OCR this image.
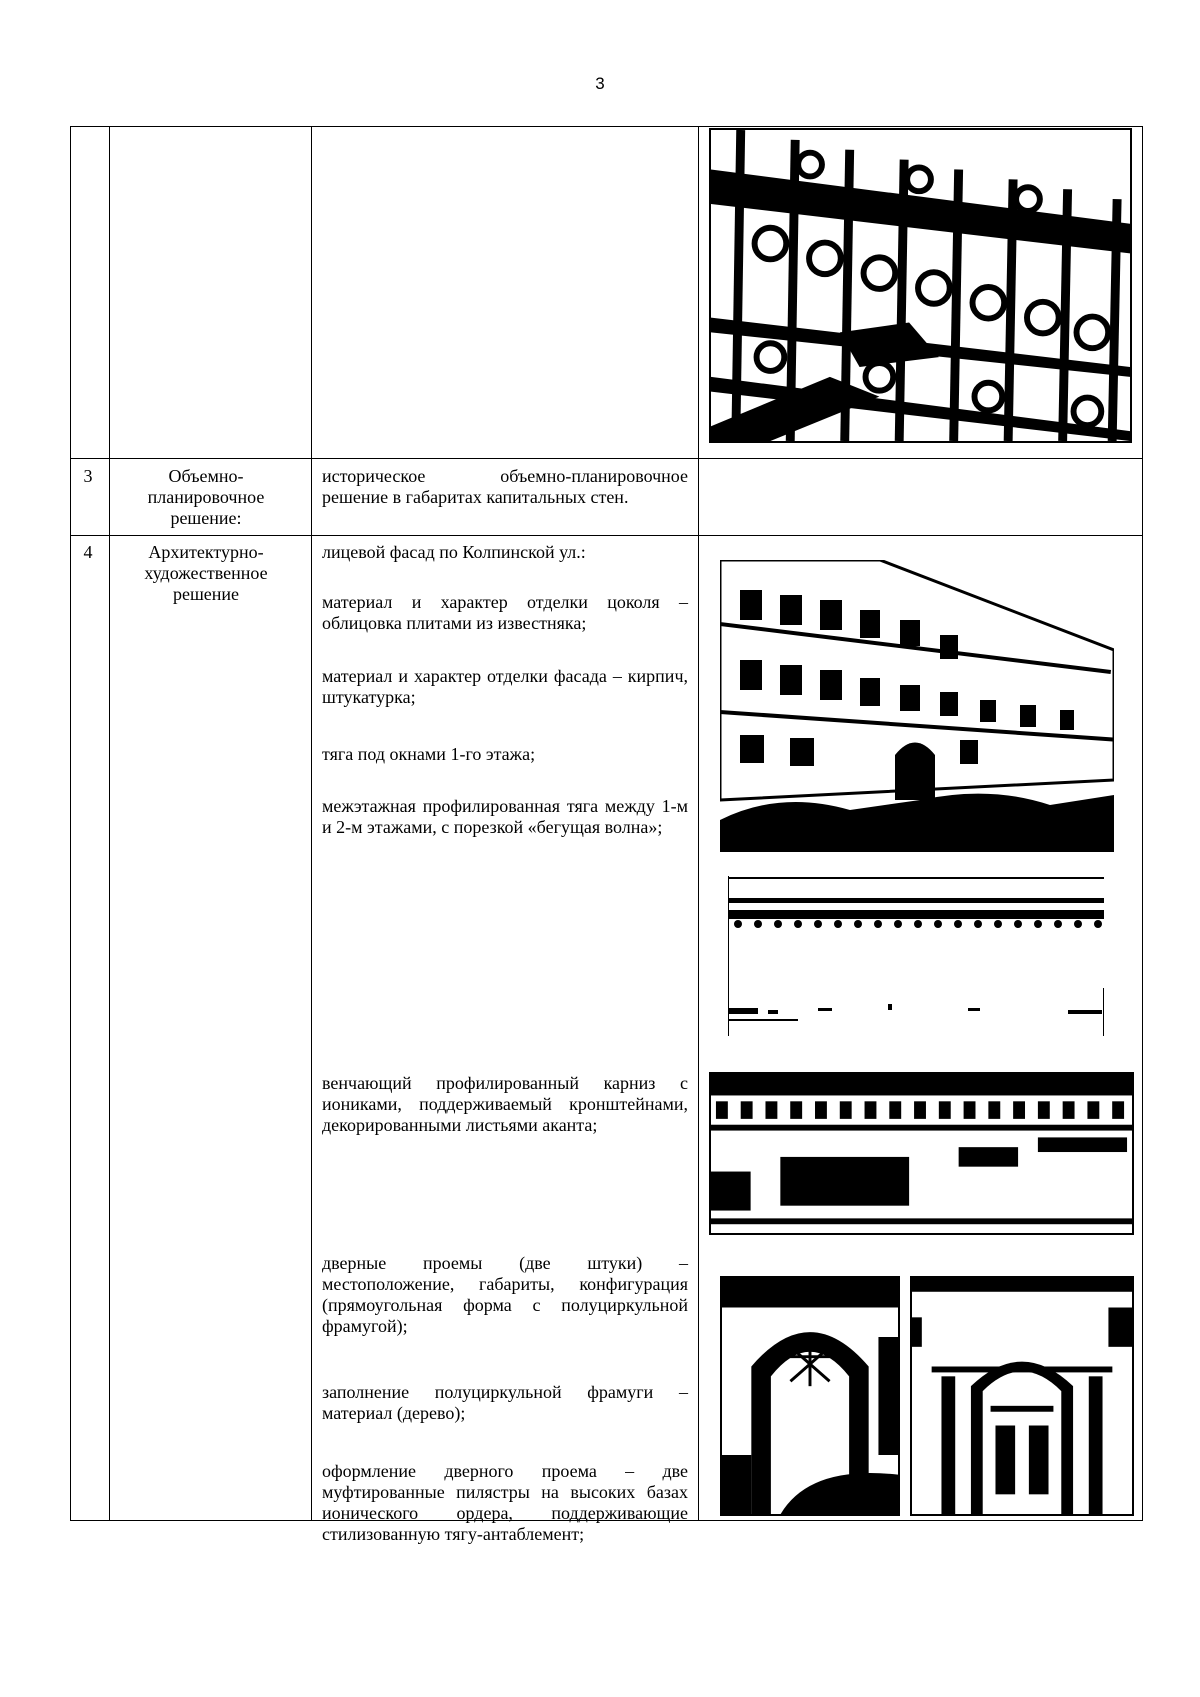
3
3	Объемно-планировочное решение:

историческое объемно-планировочное решение в габаритах капитальных стен.

4	Архитектурно-художественное решение

лицевой фасад по Колпинской ул.:

материал и характер отделки цоколя – облицовка плитами из известняка;

материал и характер отделки фасада – кирпич, штукатурка;

тяга под окнами 1-го этажа;

межэтажная профилированная тяга между 1-м и 2-м этажами, с порезкой «бегущая волна»;

венчающий профилированный карниз с иониками, поддерживаемый кронштейнами, декорированными листьями аканта;

дверные проемы (две штуки) – местоположение, габариты, конфигурация (прямоугольная форма с полуциркульной фрамугой);

заполнение полуциркульной фрамуги – материал (дерево);

оформление дверного проема – две муфтированные пилястры на высоких базах ионического ордера, поддерживающие стилизованную тягу-антаблемент;
